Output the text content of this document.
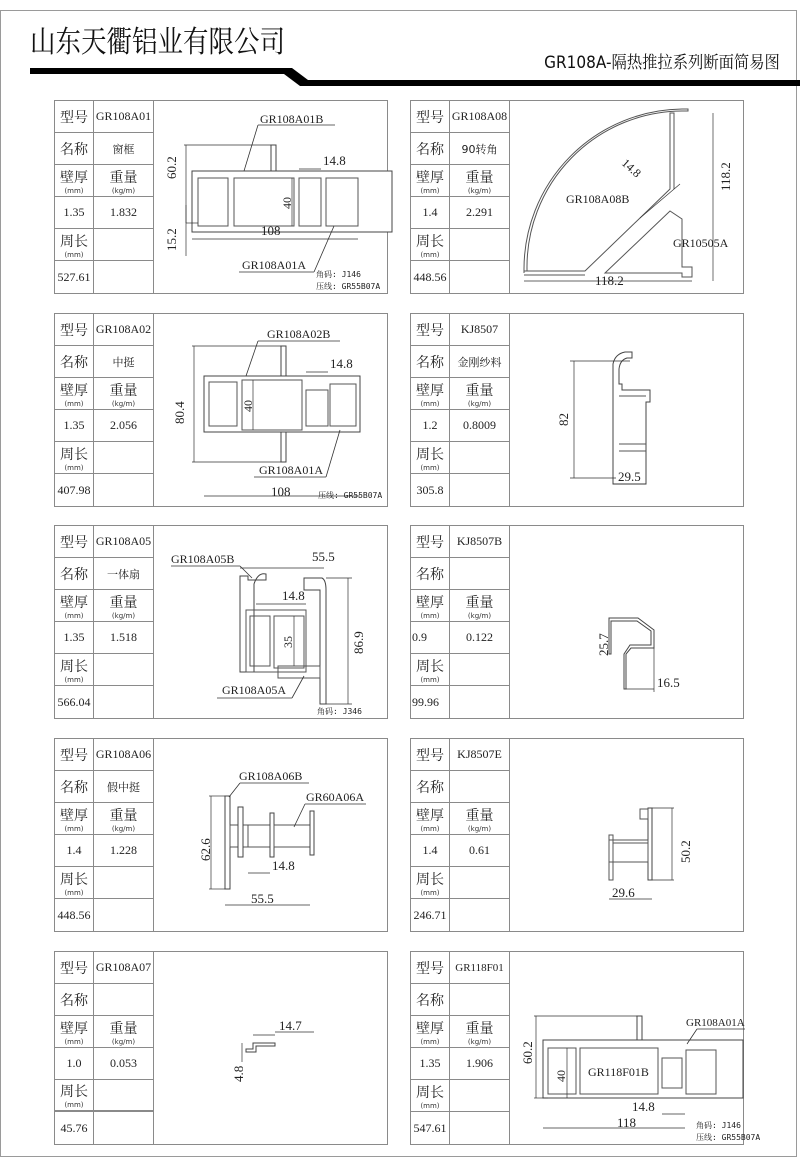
山东天衢铝业有限公司
GR108A-隔热推拉系列断面简易图
型号 GR108A01
名称 窗框
壁厚
(mm)
重量
(kg/m)
1.35 1.832
周长
(mm)
527.61
60.2
15.2
40
14.8
108
GR108A01B
GR108A01A
角码: J146
压线: GR55B07A
型号 GR108A08
名称 90转角
壁厚
(mm)
重量
(kg/m)
1.4 2.291
周长
(mm)
448.56
14.8	118.2
118.2
GR108A08B
GR10505A
型号 GR108A02
名称 中挺
壁厚
(mm)
重量
(kg/m)
1.35 2.056
周长
(mm)
407.98
80.4	40
14.8
108
GR108A02B
GR108A01A
压线: GR55B07A
型号 KJ8507
名称 金刚纱料
壁厚
(mm)
重量
(kg/m)
1.2 0.8009
周长
(mm)
305.8
82
29.5
型号 GR108A05
名称 一体扇
壁厚
(mm)
重量
(kg/m)
1.35 1.518
周长
(mm)
566.04
55.5
14.8
35	86.9
GR108A05B
GR108A05A
角码: J346
型号 KJ8507B
名称
壁厚
(mm)
重量
(kg/m)
0.9	0.122
周长
(mm)
99.96
25.7
16.5
型号 GR108A06
名称 假中挺
壁厚
(mm)
重量
(kg/m)
1.4 1.228
周长
(mm)
448.56
62.6
14.8
55.5
GR108A06B
GR60A06A
型号 KJ8507E
名称
壁厚
(mm)
重量
(kg/m)
1.4	0.61
周长
(mm)
246.71
50.2
29.6
型号 GR108A07
名称
壁厚
(mm)
重量
(kg/m)
1.0 0.053
周长
(mm)
45.76
14.7
4.8
型号 GR118F01
名称
壁厚
(mm)
重量
(kg/m)
1.35 1.906
周长
(mm)
547.61
60.2
40
14.8
118
GR118F01B
GR108A01A
角码: J146
压线: GR55B07A
